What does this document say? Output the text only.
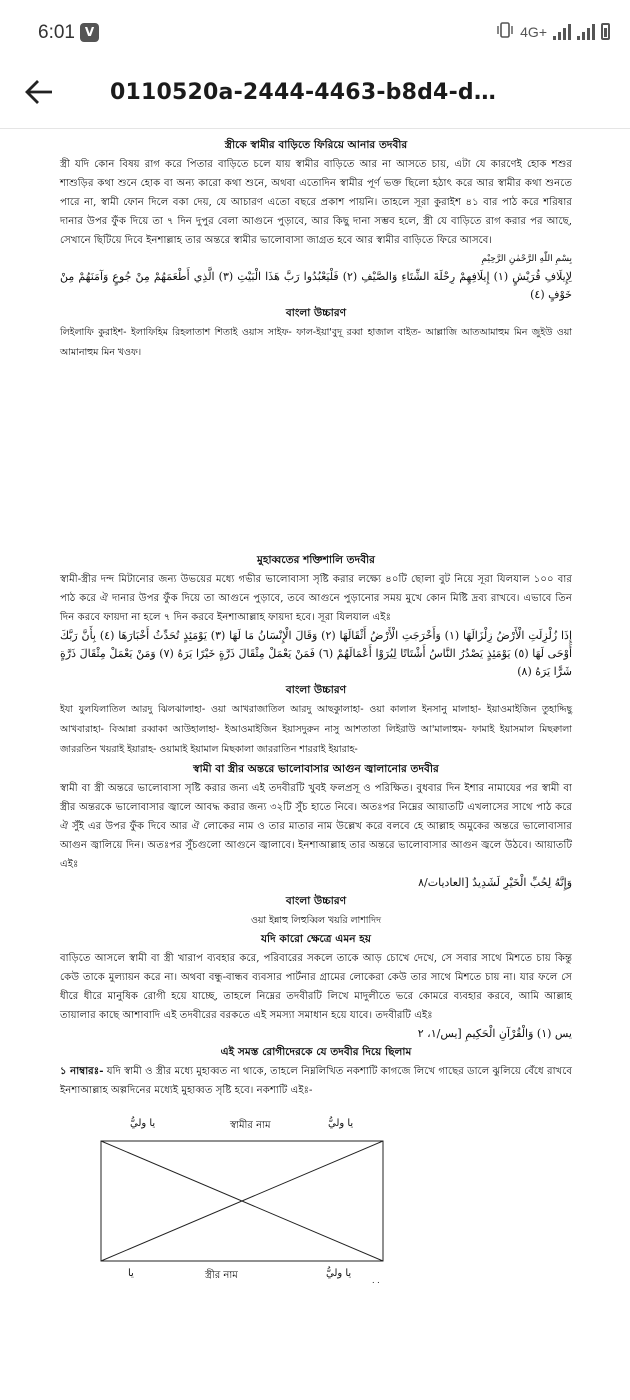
6:01 V	4G+
0110520a-2444-4463-b8d4-d…

স্ত্রীকে স্বামীর বাড়িতে ফিরিয়ে আনার তদবীর

স্ত্রী যদি কোন বিষয় রাগ করে পিতার বাড়িতে চলে যায় স্বামীর বাড়িতে আর না আসতে চায়, এটা যে কারণেই হোক শশুর শাশুড়ির কথা শুনে হোক বা অন্য কারো কথা শুনে, অথবা এতোদিন স্বামীর পূর্ণ ভক্ত ছিলো হঠাৎ করে আর স্বামীর কথা শুনতে পারে না, স্বামী ফোন দিলে বকা দেয়, যে আচারণ এতো বছরে প্রকাশ পায়নি। তাহলে সূরা কুরাইশ ৪১ বার পাঠ করে শরিষার দানার উপর ফুঁক দিয়ে তা ৭ দিন দুপুর বেলা আগুনে পুড়াবে, আর কিছু দানা সম্ভব হলে, স্ত্রী যে বাড়িতে রাগ করার পর আছে, সেখানে ছিটিয়ে দিবে ইনশাল্লাহ তার অন্তরে স্বামীর ভালোবাসা জাগ্রত হবে আর স্বামীর বাড়িতে ফিরে আসবে।

بِسْمِ اللّٰهِ الرَّحْمٰنِ الرَّحِيْمِ

لِإِيلَافِ قُرَيْشٍ (١) إِيلَافِهِمْ رِحْلَةَ الشِّتَاءِ وَالصَّيْفِ (٢) فَلْيَعْبُدُوا رَبَّ هَذَا الْبَيْتِ (٣) الَّذِي أَطْعَمَهُمْ مِنْ جُوعٍ وَآمَنَهُمْ مِنْ خَوْفٍ (٤)

বাংলা উচ্চারণ

লিইলাফি কুরাইশ- ইলাফিহিম রিহলাতাশ শিতাই ওয়াস সাইফ- ফাল-ইয়া'বুদূ রব্বা হাজাল বাইত- আল্লাজি আতআমাহুম মিন জুইউ ওয়া আমানাহুম মিন খওফ।

মুহাব্বতের শক্তিশালি তদবীর

স্বামী-স্ত্রীর দন্দ মিটানোর জন্য উভয়ের মধ্যে গভীর ভালোবাসা সৃষ্টি করার লক্ষ্যে ৪০টি ছোলা বুট নিয়ে সূরা যিলযাল ১০০ বার পাঠ করে ঐ দানার উপর ফুঁক দিয়ে তা আগুনে পুড়াবে, তবে আগুনে পুড়ানোর সময় মুখে কোন মিষ্টি দ্রব্য রাখবে। এভাবে তিন দিন করবে ফায়দা না হলে ৭ দিন করবে ইনশাআল্লাহ ফায়দা হবে। সূরা যিলযাল এইঃ

إِذَا زُلْزِلَتِ الْأَرْضُ زِلْزَالَهَا (١) وَأَخْرَجَتِ الْأَرْضُ أَثْقَالَهَا (٢) وَقَالَ الْإِنْسَانُ مَا لَهَا (٣) يَوْمَئِذٍ تُحَدِّثُ أَخْبَارَهَا (٤) بِأَنَّ رَبَّكَ أَوْحَى لَهَا (٥) يَوْمَئِذٍ يَصْدُرُ النَّاسُ أَشْتَاتًا لِيُرَوْا أَعْمَالَهُمْ (٦) فَمَنْ يَعْمَلْ مِثْقَالَ ذَرَّةٍ خَيْرًا يَرَهُ (٧) وَمَنْ يَعْمَلْ مِثْقَالَ ذَرَّةٍ شَرًّا يَرَهُ (٨)

বাংলা উচ্চারণ

ইযা যুলযিলাতিল আরদু ঝিলঝালাহা- ওয়া আখরাজাতিল আরদু আছকুালাহা- ওয়া কালাল ইনসানু মালাহা- ইয়াওমাইজিন তুহাদ্দিছু আখবারাহা- বিআন্না রব্বাকা আউহালাহা- ইআওমাইজিন ইয়াসদুরুন নাসু আশতাতা লিইরাউ আ'মালাহুম- ফামাই ইয়াসমাল মিছক্বালা জাররতিন খয়রাই ইয়ারাহ- ওয়ামাই ইয়ামাল মিছকালা জাররাতিন শাররাই ইয়ারাহ-

স্বামী বা স্ত্রীর অন্তরে ভালোবাসার আগুন জ্বালানোর তদবীর

স্বামী বা স্ত্রী অন্তরে ভালোবাসা সৃষ্টি করার জন্য এই তদবীরটি খুবই ফলপ্রসূ ও পরিক্ষিত। বুধবার দিন ইশার নামাযের পর স্বামী বা স্ত্রীর অন্তরকে ভালোবাসার জ্বালে আবদ্ধ করার জন্য ৩২টি সুঁচ হাতে নিবে। অতঃপর নিম্নের আয়াতটি এখলাসের সাথে পাঠ করে ঐ সুঁই এর উপর ফুঁক দিবে আর ঐ লোকের নাম ও তার মাতার নাম উল্লেখ করে বলবে হে আল্লাহ অমুকের অন্তরে ভালোবাসার আগুন জ্বালিয়ে দিন। অতঃপর সুঁচগুলো আগুনে জ্বালাবে। ইনশাআল্লাহ তার অন্তরে ভালোবাসার আগুন জ্বলে উঠবে। আয়াতটি এইঃ

وَإِنَّهُ لِحُبِّ الْخَيْرِ لَشَدِيدٌ [العاديات/٨

বাংলা উচ্চারণ

ওয়া ইন্নাহু লিহুব্বিল খয়রি লাশাদিদ

যদি কারো ক্ষেত্রে এমন হয়

বাড়িতে আসলে স্বামী বা স্ত্রী খারাপ ব্যবহার করে, পরিবারের সকলে তাকে আড় চোখে দেখে, সে সবার সাথে মিশতে চায় কিন্তু কেউ তাকে মুল্যায়ন করে না। অথবা বন্ধু-বান্ধব ব্যবসার পার্টনার গ্রামের লোকেরা কেউ তার সাথে মিশতে চায় না। যার ফলে সে ধীরে ধীরে মানুষিক রোগী হয়ে যাচ্ছে, তাহলে নিম্নের তদবীরটি লিখে মাদুলীতে ভরে কোমরে ব্যবহার করবে, আমি আল্লাহ তায়ালার কাছে আশাবাদি এই তদবীরের বরকতে এই সমস্যা সমাধান হয়ে যাবে। তদবীরটি এইঃ

يس (١) وَالْقُرْآنِ الْحَكِيمِ [يس/١، ٢

এই সমস্ত রোগীদেরকে যে তদবীর দিয়ে ছিলাম

১ নাম্বারঃ- যদি স্বামী ও স্ত্রীর মধ্যে মুহাব্বত না থাকে, তাহলে নিম্নলিখিত নকশাটি কাগজে লিখে গাছের ডালে ঝুলিয়ে বেঁধে রাখবে ইনশাআল্লাহ অল্পদিনের মধ্যেই মুহাব্বত সৃষ্টি হবে। নকশাটি এইঃ-

يا وليُّ	স্বামীর নাম	يا وليُّ
يا	স্ত্রীর নাম	يا وليُّ
. .
